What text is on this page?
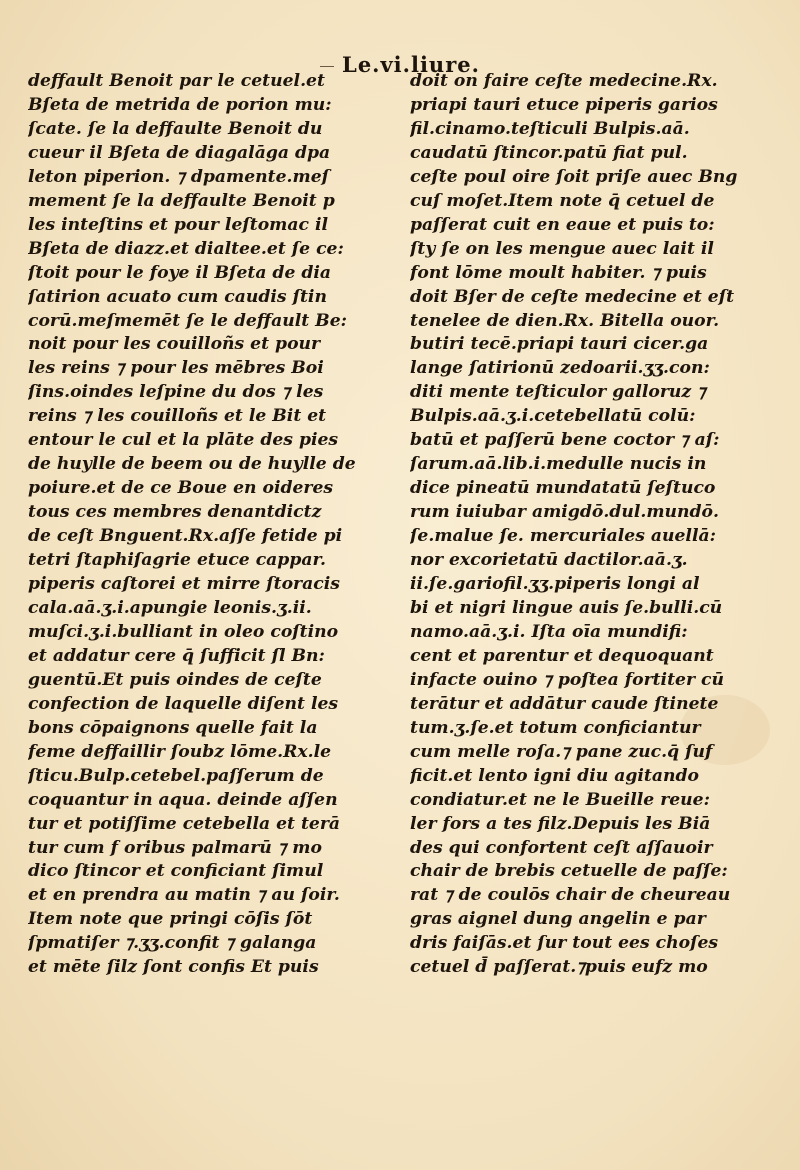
Le.vi.liure.
deffault Benoit par le cetuel.et
Bſeta de metrida de porion mu:
ſcate. ſe la deffaulte Benoit du
cueur il Bſeta de diagalāga dpa
leton piperion. ⁊ dpamente.meſ
mement ſe la deffaulte Benoit p
les inteſtins et pour leſtomac il
Bſeta de diazz.et dialtee.et ſe ce:
ſtoit pour le foye il Bſeta de dia
ſatirion acuato cum caudis ſtin
corū.meſmemēt ſe le deffault Be:
noit pour les couilloñs et pour
les reins ⁊ pour les mēbres Boi
ſins.oindes leſpine du dos ⁊ les
reins ⁊ les couilloñs et le Bit et
entour le cul et la plāte des pies
de huylle de beem ou de huylle de
poiure.et de ce Boue en oideres
tous ces membres denantdictz
de ceſt Bnguent.Rx.aſſe fetide pi
tetri ſtaphiſagrie etuce cappar.
piperis caſtorei et mirre ſtoracis
cala.aā.ʒ.i.apungie leonis.ʒ.ii.
muſci.ʒ.i.bulliant in oleo coſtino
et addatur cere q̄ ſufficit ſl Bn:
guentū.Et puis oindes de ceſte
confection de laquelle diſent les
bons cōpaignons quelle fait la
feme deffaillir ſoubz lōme.Rx.le
ſticu.Bulp.cetebel.paſſerum de
coquantur in aqua. deinde aſſen
tur et potiſſime cetebella et terā
tur cum f oribus palmarū ⁊ mo
dico ſtincor et conficiant ſimul
et en prendra au matin ⁊ au ſoir.
Item note que pringi cōſis ſōt
ſpmatiſer ⁊.ʒʒ.confit ⁊ galanga
et mēte ſilz ſont confis Et puis
doit on faire ceſte medecine.Rx.
priapi tauri etuce piperis garios
fil.cinamo.teſticuli Bulpis.aā.
caudatū ſtincor.patū fiat pul.
ceſte poul oire ſoit priſe auec Bng
cuſ moſet.Item note q̄ cetuel de
paſſerat cuit en eaue et puis to:
ſty ſe on les mengue auec lait il
font lōme moult habiter. ⁊ puis
doit Bſer de ceſte medecine et eſt
tenelee de dien.Rx. Bitella ouor.
butiri tecē.priapi tauri cicer.ga
lange ſatirionū zedoarii.ʒʒ.con:
diti mente teſticulor galloruz ⁊
Bulpis.aā.ʒ.i.cetebellatū colū:
batū et paſſerū bene coctor ⁊ aſ:
ſarum.aā.lib.i.medulle nucis in
dice pineatū mundatatū ſeſtuco
rum iuiubar amigdō.dul.mundō.
ſe.malue ſe. mercuriales auellā:
nor excorietatū dactilor.aā.ʒ.
ii.ſe.gariofil.ʒʒ.piperis longi al
bi et nigri lingue auis ſe.bulli.cū
namo.aā.ʒ.i. Iſta oīa mundifi:
cent et parentur et dequoquant
infacte ouino ⁊ poſtea fortiter cū
terātur et addātur caude ſtinete
tum.ʒ.ſe.et totum conficiantur
cum melle roſa.⁊ pane zuc.q̄ ſuf
ficit.et lento igni diu agitando
condiatur.et ne le Bueille reue:
ler fors a tes filz.Depuis les Biā
des qui confortent ceſt aſſauoir
chair de brebis cetuelle de paſſe:
rat ⁊ de coulōs chair de cheureau
gras aignel dung angelin e par
dris faiſās.et ſur tout ees choſes
cetuel d̄ paſſerat.⁊puis eufz mo
